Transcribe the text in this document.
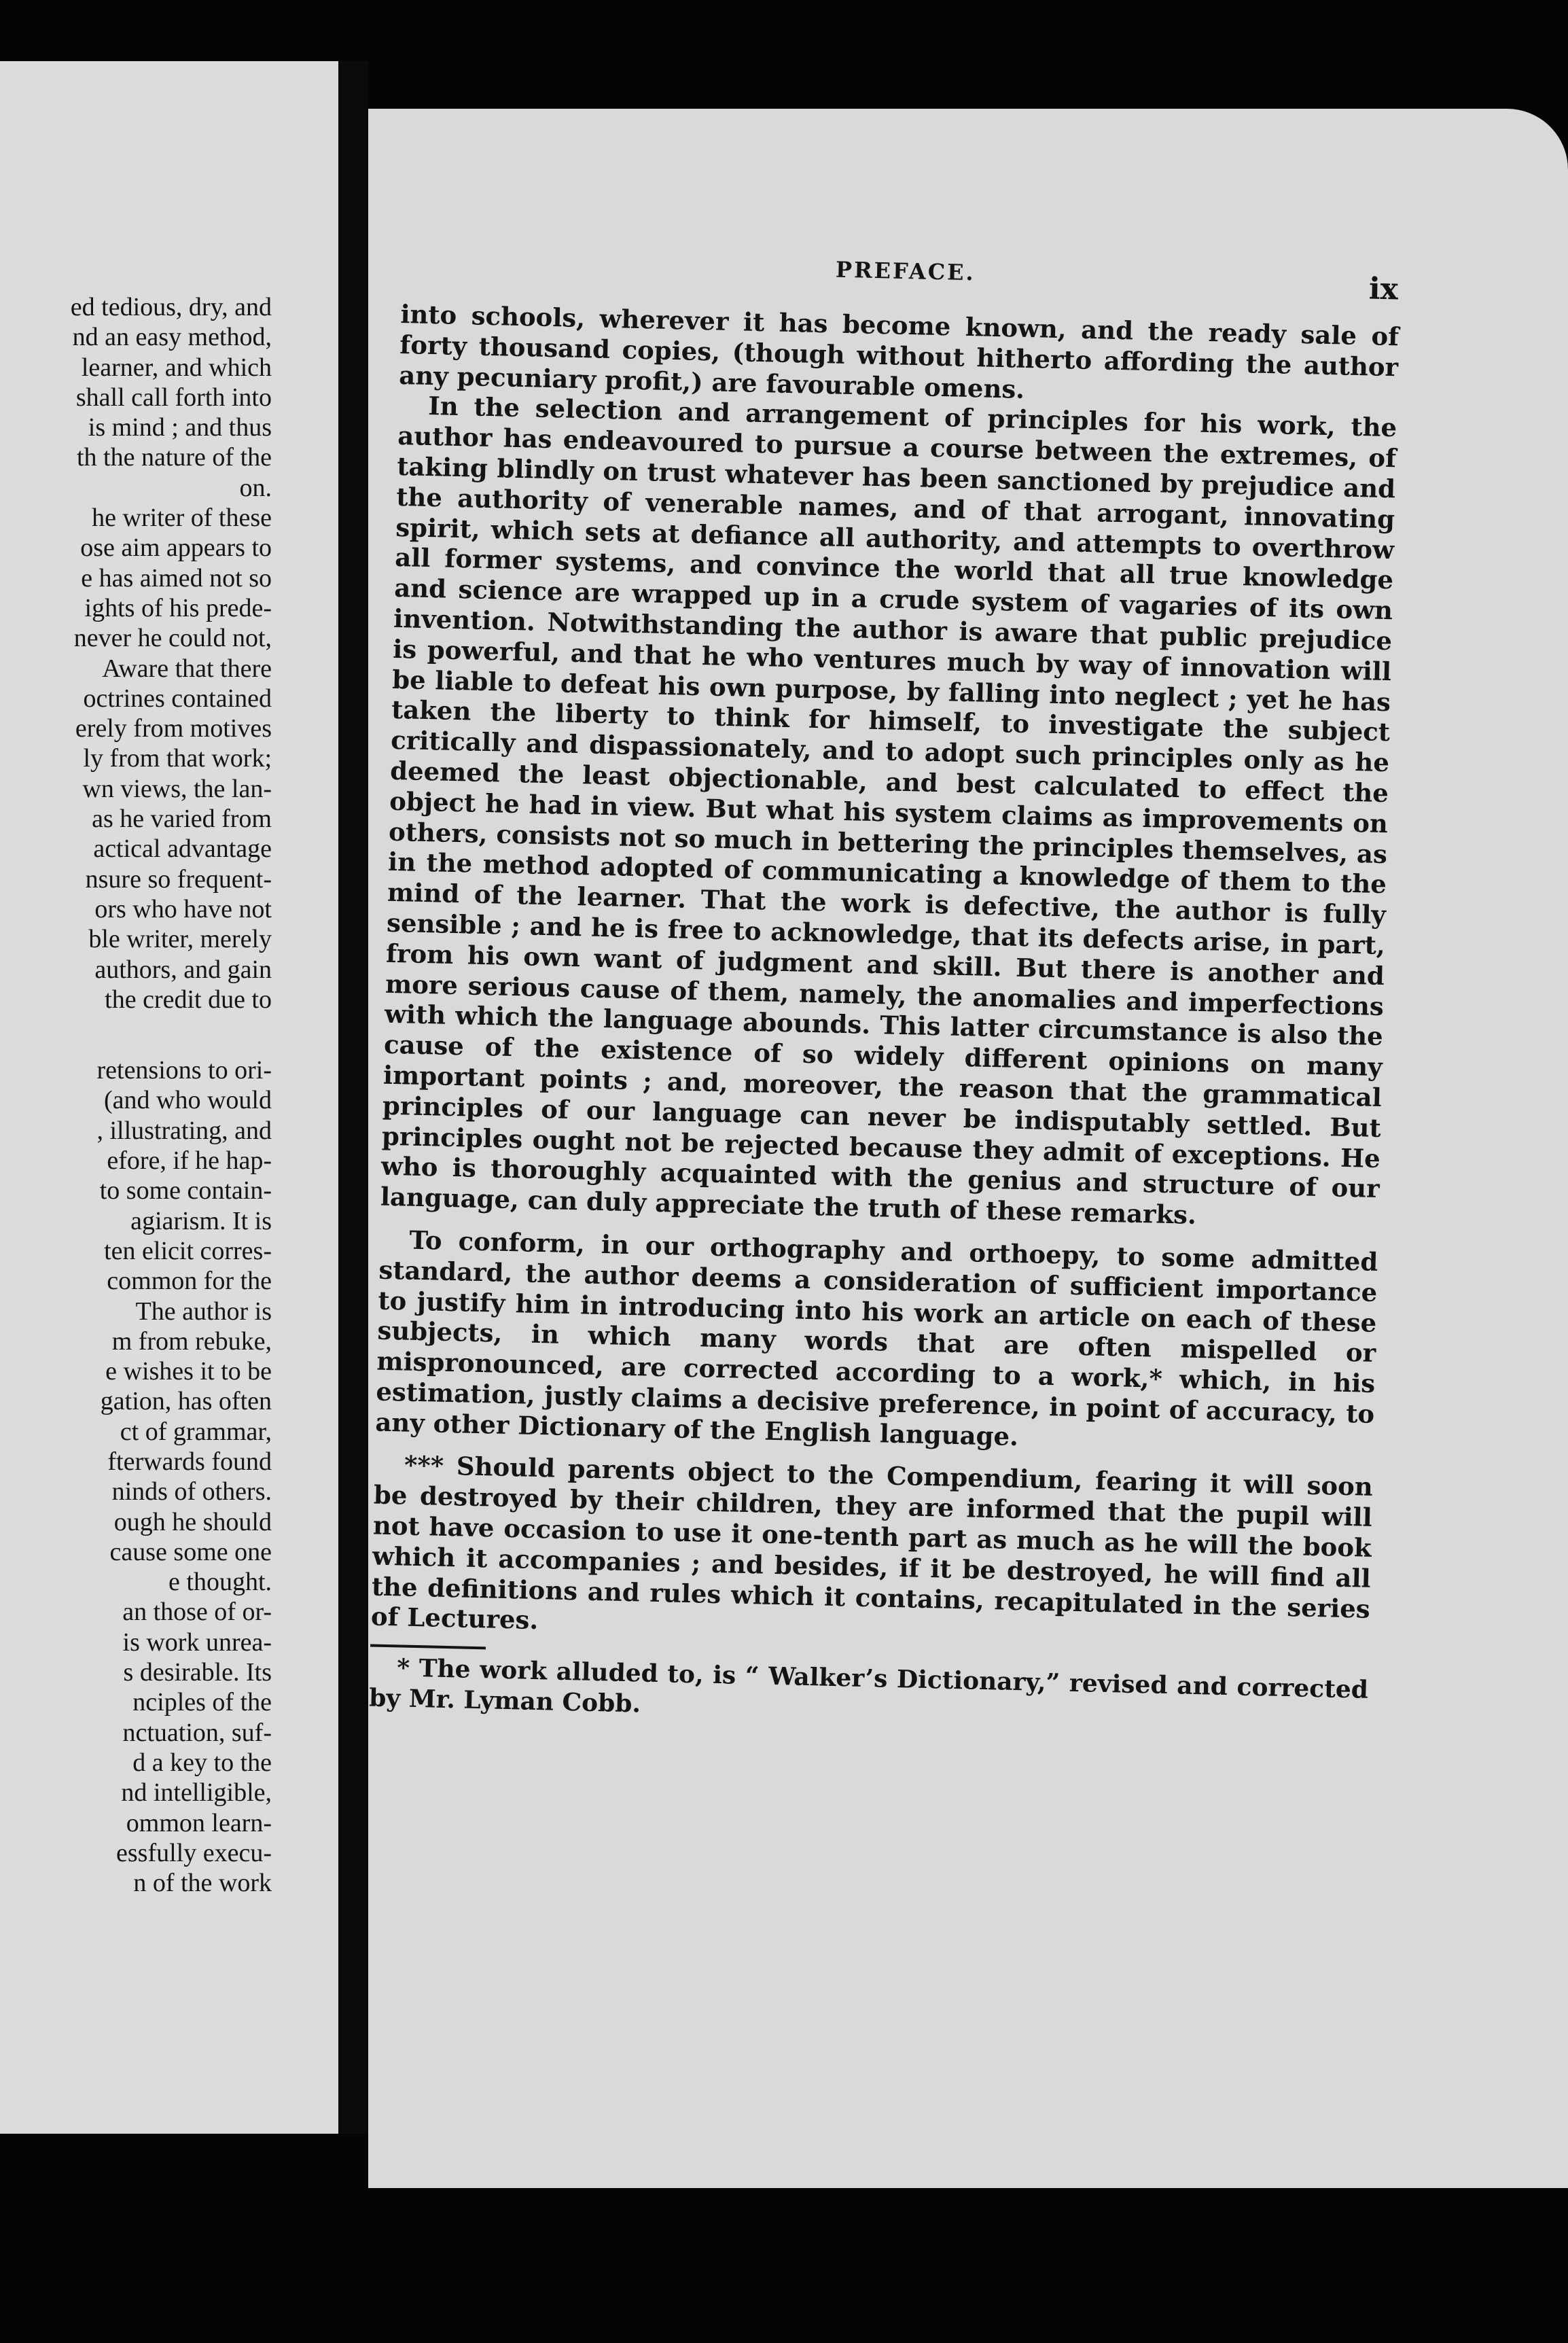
ed tedious, dry, and
nd an easy method,
learner, and which
shall call forth into
is mind ; and thus
th the nature of the
on.
he writer of these
ose aim appears to
e has aimed not so
ights of his prede-
never he could not,
Aware that there
octrines contained
erely from motives
ly from that work;
wn views, the lan-
as he varied from
actical advantage
nsure so frequent-
ors who have not
ble writer, merely
authors, and gain
the credit due to
retensions to ori-
(and who would
, illustrating, and
efore, if he hap-
to some contain-
agiarism. It is
ten elicit corres-
common for the
The author is
m from rebuke,
e wishes it to be
gation, has often
ct of grammar,
fterwards found
ninds of others.
ough he should
cause some one
e thought.
an those of or-
is work unrea-
s desirable. Its
nciples of the
nctuation, suf-
d a key to the
nd intelligible,
ommon learn-
essfully execu-
n of the work
PREFACE.
ix

into schools, wherever it has become known, and the ready sale of forty thousand copies, (though without hitherto affording the author any pecuniary profit,) are favourable omens.

In the selection and arrangement of principles for his work, the author has endeavoured to pursue a course between the extremes, of taking blindly on trust whatever has been sanctioned by prejudice and the authority of venerable names, and of that arrogant, innovating spirit, which sets at defiance all authority, and attempts to overthrow all former systems, and convince the world that all true knowledge and science are wrapped up in a crude system of vagaries of its own invention. Notwithstanding the author is aware that public prejudice is powerful, and that he who ventures much by way of innovation will be liable to defeat his own purpose, by falling into neglect ; yet he has taken the liberty to think for himself, to investigate the subject critically and dispassionately, and to adopt such principles only as he deemed the least objectionable, and best calculated to effect the object he had in view. But what his system claims as improvements on others, consists not so much in bettering the principles themselves, as in the method adopted of communicating a knowledge of them to the mind of the learner. That the work is defective, the author is fully sensible ; and he is free to acknowledge, that its defects arise, in part, from his own want of judgment and skill. But there is another and more serious cause of them, namely, the anomalies and imperfections with which the language abounds. This latter circumstance is also the cause of the existence of so widely different opinions on many important points ; and, moreover, the reason that the grammatical principles of our language can never be indisputably settled. But principles ought not be rejected because they admit of exceptions. He who is thoroughly acquainted with the genius and structure of our language, can duly appreciate the truth of these remarks.

To conform, in our orthography and orthoepy, to some admitted standard, the author deems a consideration of sufficient importance to justify him in introducing into his work an article on each of these subjects, in which many words that are often mispelled or mispronounced, are corrected according to a work,* which, in his estimation, justly claims a decisive preference, in point of accuracy, to any other Dictionary of the English language.

*** Should parents object to the Compendium, fearing it will soon be destroyed by their children, they are informed that the pupil will not have occasion to use it one-tenth part as much as he will the book which it accompanies ; and besides, if it be destroyed, he will find all the definitions and rules which it contains, recapitulated in the series of Lectures.

* The work alluded to, is “ Walker’s Dictionary,” revised and corrected by Mr. Lyman Cobb.
